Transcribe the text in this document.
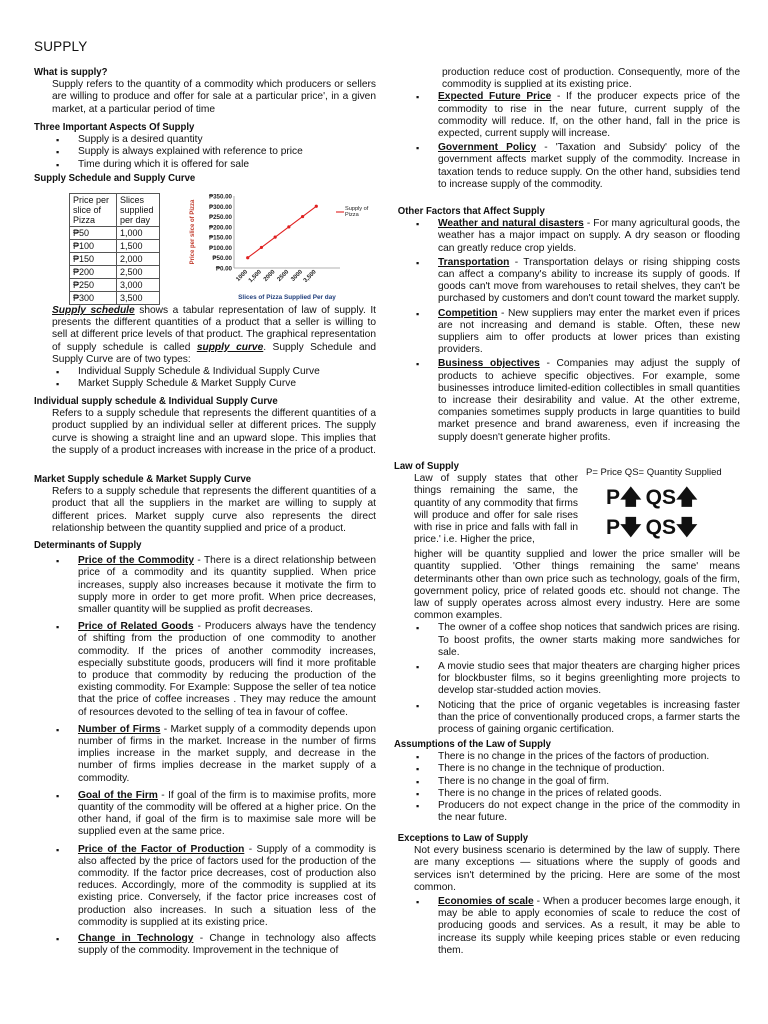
SUPPLY
What is supply?

Supply refers to the quantity of a commodity which producers or sellers are willing to produce and offer for sale at a particular price', in a given market, at a particular period of time

Three Important Aspects Of Supply
▪ Supply is a desired quantity
▪ Supply is always explained with reference to price
▪ Time during which it is offered for sale
Supply Schedule and Supply Curve
Price per slice of Pizza	Slices supplied per day
₱50	1,000
₱100	1,500
₱150	2,000
₱200	2,500
₱250	3,000
₱300	3,500
₱0.00
₱50.00
₱100.00
₱150.00
₱200.00
₱250.00
₱300.00
₱350.00
1000
1,500 2000 2500 3000
3,500
Supply of Pizza
Price per slice of Pizza
Slices of Pizza Supplied Per day

Supply schedule shows a tabular representation of law of supply. It presents the different quantities of a product that a seller is willing to sell at different price levels of that product. The graphical representation of supply schedule is called supply curve. Supply Schedule and Supply Curve are of two types:

▪ Individual Supply Schedule & Individual Supply Curve
▪ Market Supply Schedule & Market Supply Curve
Individual supply schedule & Individual Supply Curve

Refers to a supply schedule that represents the different quantities of a product supplied by an individual seller at different prices. The supply curve is showing a straight line and an upward slope. This implies that the supply of a product increases with increase in the price of a product.

Market Supply schedule & Market Supply Curve

Refers to a supply schedule that represents the different quantities of a product that all the suppliers in the market are willing to supply at different prices. Market supply curve also represents the direct relationship between the quantity supplied and price of a product.

Determinants of Supply
▪ Price of the Commodity - There is a direct relationship between price of a commodity and its quantity supplied. When price increases, supply also increases because it motivate the firm to supply more in order to get more profit. When price decreases, smaller quantity will be supplied as profit decreases.
▪ Price of Related Goods - Producers always have the tendency of shifting from the production of one commodity to another commodity. If the prices of another commodity increases, especially substitute goods, producers will find it more profitable to produce that commodity by reducing the production of the existing commodity. For Example: Suppose the seller of tea notice that the price of coffee increases . They may reduce the amount of resources devoted to the selling of tea in favour of coffee.
▪ Number of Firms - Market supply of a commodity depends upon number of firms in the market. Increase in the number of firms implies increase in the market supply, and decrease in the number of firms implies decrease in the market supply of a commodity.
▪ Goal of the Firm - If goal of the firm is to maximise profits, more quantity of the commodity will be offered at a higher price. On the other hand, if goal of the firm is to maximise sale more will be supplied even at the same price.
▪ Price of the Factor of Production - Supply of a commodity is also affected by the price of factors used for the production of the commodity. If the factor price decreases, cost of production also reduces. Accordingly, more of the commodity is supplied at its existing price. Conversely, if the factor price increases cost of production also increases. In such a situation less of the commodity is supplied at its existing price.
▪ Change in Technology - Change in technology also affects supply of the commodity. Improvement in the technique of

production reduce cost of production. Consequently, more of the commodity is supplied at its existing price.

▪ Expected Future Price - If the producer expects price of the commodity to rise in the near future, current supply of the commodity will reduce. If, on the other hand, fall in the price is expected, current supply will increase.
▪ Government Policy - 'Taxation and Subsidy' policy of the government affects market supply of the commodity. Increase in taxation tends to reduce supply. On the other hand, subsidies tend to increase supply of the commodity.
Other Factors that Affect Supply
▪ Weather and natural disasters - For many agricultural goods, the weather has a major impact on supply. A dry season or flooding can greatly reduce crop yields.
▪ Transportation - Transportation delays or rising shipping costs can affect a company's ability to increase its supply of goods. If goods can't move from warehouses to retail shelves, they can't be purchased by customers and don't count toward the market supply.
▪ Competition - New suppliers may enter the market even if prices are not increasing and demand is stable. Often, these new suppliers aim to offer products at lower prices than existing providers.
▪ Business objectives - Companies may adjust the supply of products to achieve specific objectives. For example, some businesses introduce limited-edition collectibles in small quantities to increase their desirability and value. At the other extreme, companies sometimes supply products in large quantities to build market presence and brand awareness, even if increasing the supply doesn't generate higher profits.
Law of Supply

Law of supply states that other things remaining the same, the quantity of any commodity that firms will produce and offer for sale rises with rise in price and falls with fall in price.' i.e. Higher the price,

P= Price QS= Quantity Supplied
P🡅 QS🡅
P🡇 QS🡇

higher will be quantity supplied and lower the price smaller will be quantity supplied. 'Other things remaining the same' means determinants other than own price such as technology, goals of the firm, government policy, price of related goods etc. should not change. The law of supply operates across almost every industry. Here are some common examples.

▪ The owner of a coffee shop notices that sandwich prices are rising. To boost profits, the owner starts making more sandwiches for sale.
▪ A movie studio sees that major theaters are charging higher prices for blockbuster films, so it begins greenlighting more projects to develop star-studded action movies.
▪ Noticing that the price of organic vegetables is increasing faster than the price of conventionally produced crops, a farmer starts the process of gaining organic certification.
Assumptions of the Law of Supply
▪ There is no change in the prices of the factors of production.
▪ There is no change in the technique of production.
▪ There is no change in the goal of firm.
▪ There is no change in the prices of related goods.
▪ Producers do not expect change in the price of the commodity in the near future.
Exceptions to Law of Supply

Not every business scenario is determined by the law of supply. There are many exceptions — situations where the supply of goods and services isn't determined by the pricing. Here are some of the most common.

▪ Economies of scale - When a producer becomes large enough, it may be able to apply economies of scale to reduce the cost of producing goods and services. As a result, it may be able to increase its supply while keeping prices stable or even reducing them.
